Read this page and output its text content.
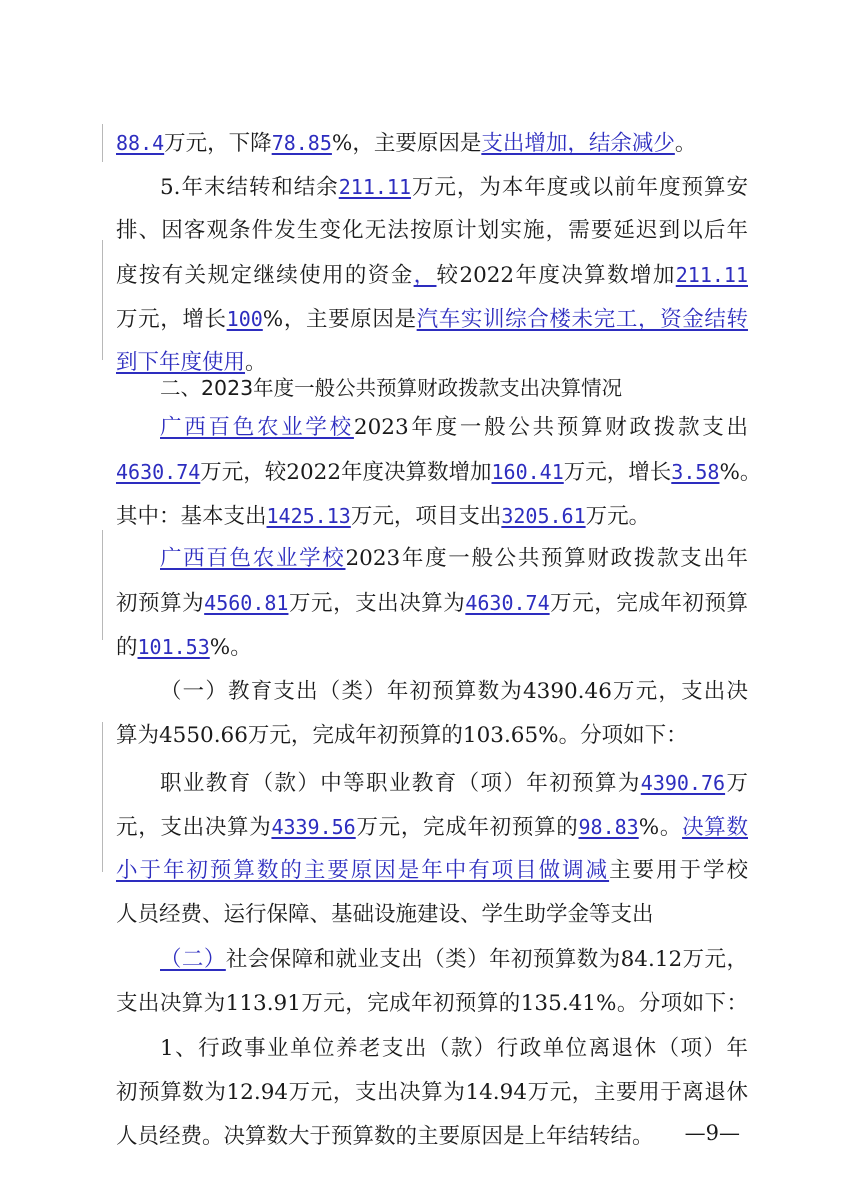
88.4万元，下降78.85%，主要原因是支出增加，结余减少。
5.年末结转和结余211.11万元，为本年度或以前年度预算安
排、因客观条件发生变化无法按原计划实施，需要延迟到以后年
度按有关规定继续使用的资金，较2022年度决算数增加211.11
万元，增长100%，主要原因是汽车实训综合楼未完工，资金结转
到下年度使用。
二、2023年度一般公共预算财政拨款支出决算情况
广西百色农业学校2023年度一般公共预算财政拨款支出
4630.74万元，较2022年度决算数增加160.41万元，增长3.58%。
其中：基本支出1425.13万元，项目支出3205.61万元。
广西百色农业学校2023年度一般公共预算财政拨款支出年
初预算为4560.81万元，支出决算为4630.74万元，完成年初预算
的101.53%。
（一）教育支出（类）年初预算数为4390.46万元，支出决
算为4550.66万元，完成年初预算的103.65%。分项如下：
职业教育（款）中等职业教育（项）年初预算为4390.76万
元，支出决算为4339.56万元，完成年初预算的98.83%。决算数
小于年初预算数的主要原因是年中有项目做调减主要用于学校
人员经费、运行保障、基础设施建设、学生助学金等支出
（二）社会保障和就业支出（类）年初预算数为84.12万元，
支出决算为113.91万元，完成年初预算的135.41%。分项如下：
1、行政事业单位养老支出（款）行政单位离退休（项）年
初预算数为12.94万元，支出决算为14.94万元，主要用于离退休
人员经费。决算数大于预算数的主要原因是上年结转结。	—9—
